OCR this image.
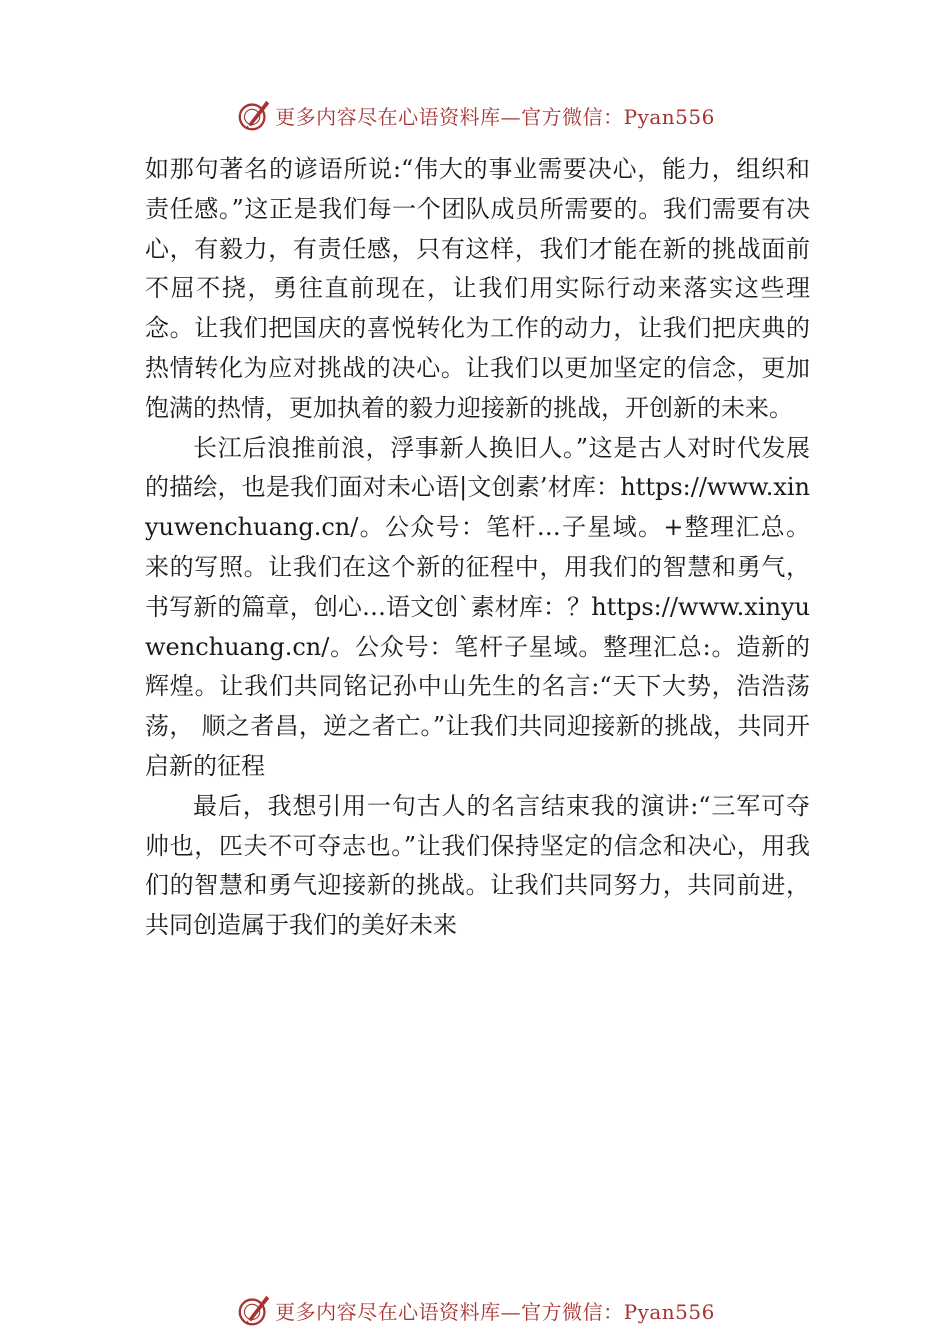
更多内容尽在心语资料库—官方微信：Pyan556

如那句著名的谚语所说:“伟大的事业需要决心，能力，组织和责任感。”这正是我们每一个团队成员所需要的。我们需要有决心，有毅力，有责任感，只有这样，我们才能在新的挑战面前不屈不挠，勇往直前现在，让我们用实际行动来落实这些理念。让我们把国庆的喜悦转化为工作的动力，让我们把庆典的热情转化为应对挑战的决心。让我们以更加坚定的信念，更加饱满的热情，更加执着的毅力迎接新的挑战，开创新的未来。

长江后浪推前浪，浮事新人换旧人。”这是古人对时代发展的描绘，也是我们面对未心语|文创素’材库：https://www.xinyuwenchuang.cn/。公众号：笔杆…子星域。+整理汇总。来的写照。让我们在这个新的征程中，用我们的智慧和勇气，书写新的篇章，创心…语文创`素材库：？https://www.xinyuwenchuang.cn/。公众号：笔杆子星域。整理汇总:。造新的辉煌。让我们共同铭记孙中山先生的名言:“天下大势，浩浩荡荡， 顺之者昌，逆之者亡。”让我们共同迎接新的挑战，共同开启新的征程

最后，我想引用一句古人的名言结束我的演讲:“三军可夺帅也，匹夫不可夺志也。”让我们保持坚定的信念和决心，用我们的智慧和勇气迎接新的挑战。让我们共同努力，共同前进，共同创造属于我们的美好未来

更多内容尽在心语资料库—官方微信：Pyan556
